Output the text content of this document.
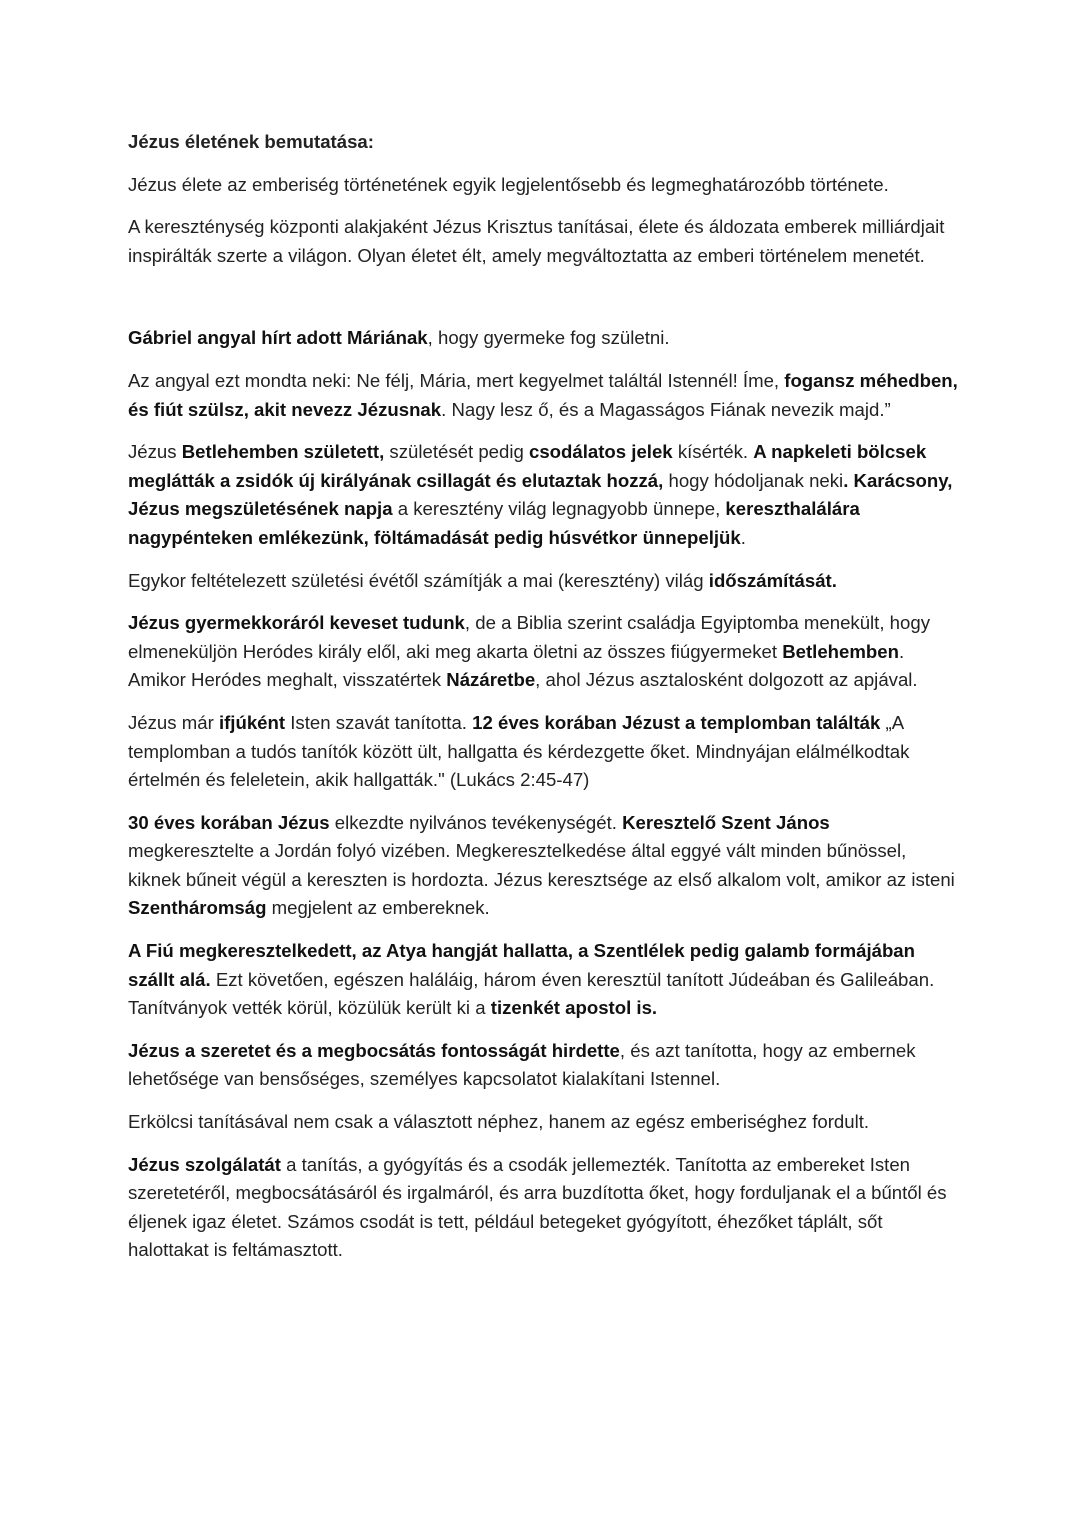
Jézus életének bemutatása:

Jézus élete az emberiség történetének egyik legjelentősebb és legmeghatározóbb története.

A kereszténység központi alakjaként Jézus Krisztus tanításai, élete és áldozata emberek milliárdjait inspirálták szerte a világon. Olyan életet élt, amely megváltoztatta az emberi történelem menetét.

Gábriel angyal hírt adott Máriának, hogy gyermeke fog születni.

Az angyal ezt mondta neki: Ne félj, Mária, mert kegyelmet találtál Istennél! Íme, fogansz méhedben, és fiút szülsz, akit nevezz Jézusnak. Nagy lesz ő, és a Magasságos Fiának nevezik majd.”

Jézus Betlehemben született, születését pedig csodálatos jelek kísérték. A napkeleti bölcsek meglátták a zsidók új királyának csillagát és elutaztak hozzá, hogy hódoljanak neki. Karácsony, Jézus megszületésének napja a keresztény világ legnagyobb ünnepe, kereszthalálára nagypénteken emlékezünk, föltámadását pedig húsvétkor ünnepeljük.

Egykor feltételezett születési évétől számítják a mai (keresztény) világ időszámítását.

Jézus gyermekkoráról keveset tudunk, de a Biblia szerint családja Egyiptomba menekült, hogy elmeneküljön Heródes király elől, aki meg akarta öletni az összes fiúgyermeket Betlehemben. Amikor Heródes meghalt, visszatértek Názáretbe, ahol Jézus asztalosként dolgozott az apjával.

Jézus már ifjúként Isten szavát tanította. 12 éves korában Jézust a templomban találták „A templomban a tudós tanítók között ült, hallgatta és kérdezgette őket. Mindnyájan elálmélkodtak értelmén és feleletein, akik hallgatták." (Lukács 2:45-47)

30 éves korában Jézus elkezdte nyilvános tevékenységét. Keresztelő Szent János megkeresztelte a Jordán folyó vizében. Megkeresztelkedése által eggyé vált minden bűnössel, kiknek bűneit végül a kereszten is hordozta. Jézus keresztsége az első alkalom volt, amikor az isteni Szentháromság megjelent az embereknek.

A Fiú megkeresztelkedett, az Atya hangját hallatta, a Szentlélek pedig galamb formájában szállt alá. Ezt követően, egészen haláláig, három éven keresztül tanított Júdeában és Galileában. Tanítványok vették körül, közülük került ki a tizenkét apostol is.

Jézus a szeretet és a megbocsátás fontosságát hirdette, és azt tanította, hogy az embernek lehetősége van bensőséges, személyes kapcsolatot kialakítani Istennel.

Erkölcsi tanításával nem csak a választott néphez, hanem az egész emberiséghez fordult.

Jézus szolgálatát a tanítás, a gyógyítás és a csodák jellemezték. Tanította az embereket Isten szeretetéről, megbocsátásáról és irgalmáról, és arra buzdította őket, hogy forduljanak el a bűntől és éljenek igaz életet. Számos csodát is tett, például betegeket gyógyított, éhezőket táplált, sőt halottakat is feltámasztott.
